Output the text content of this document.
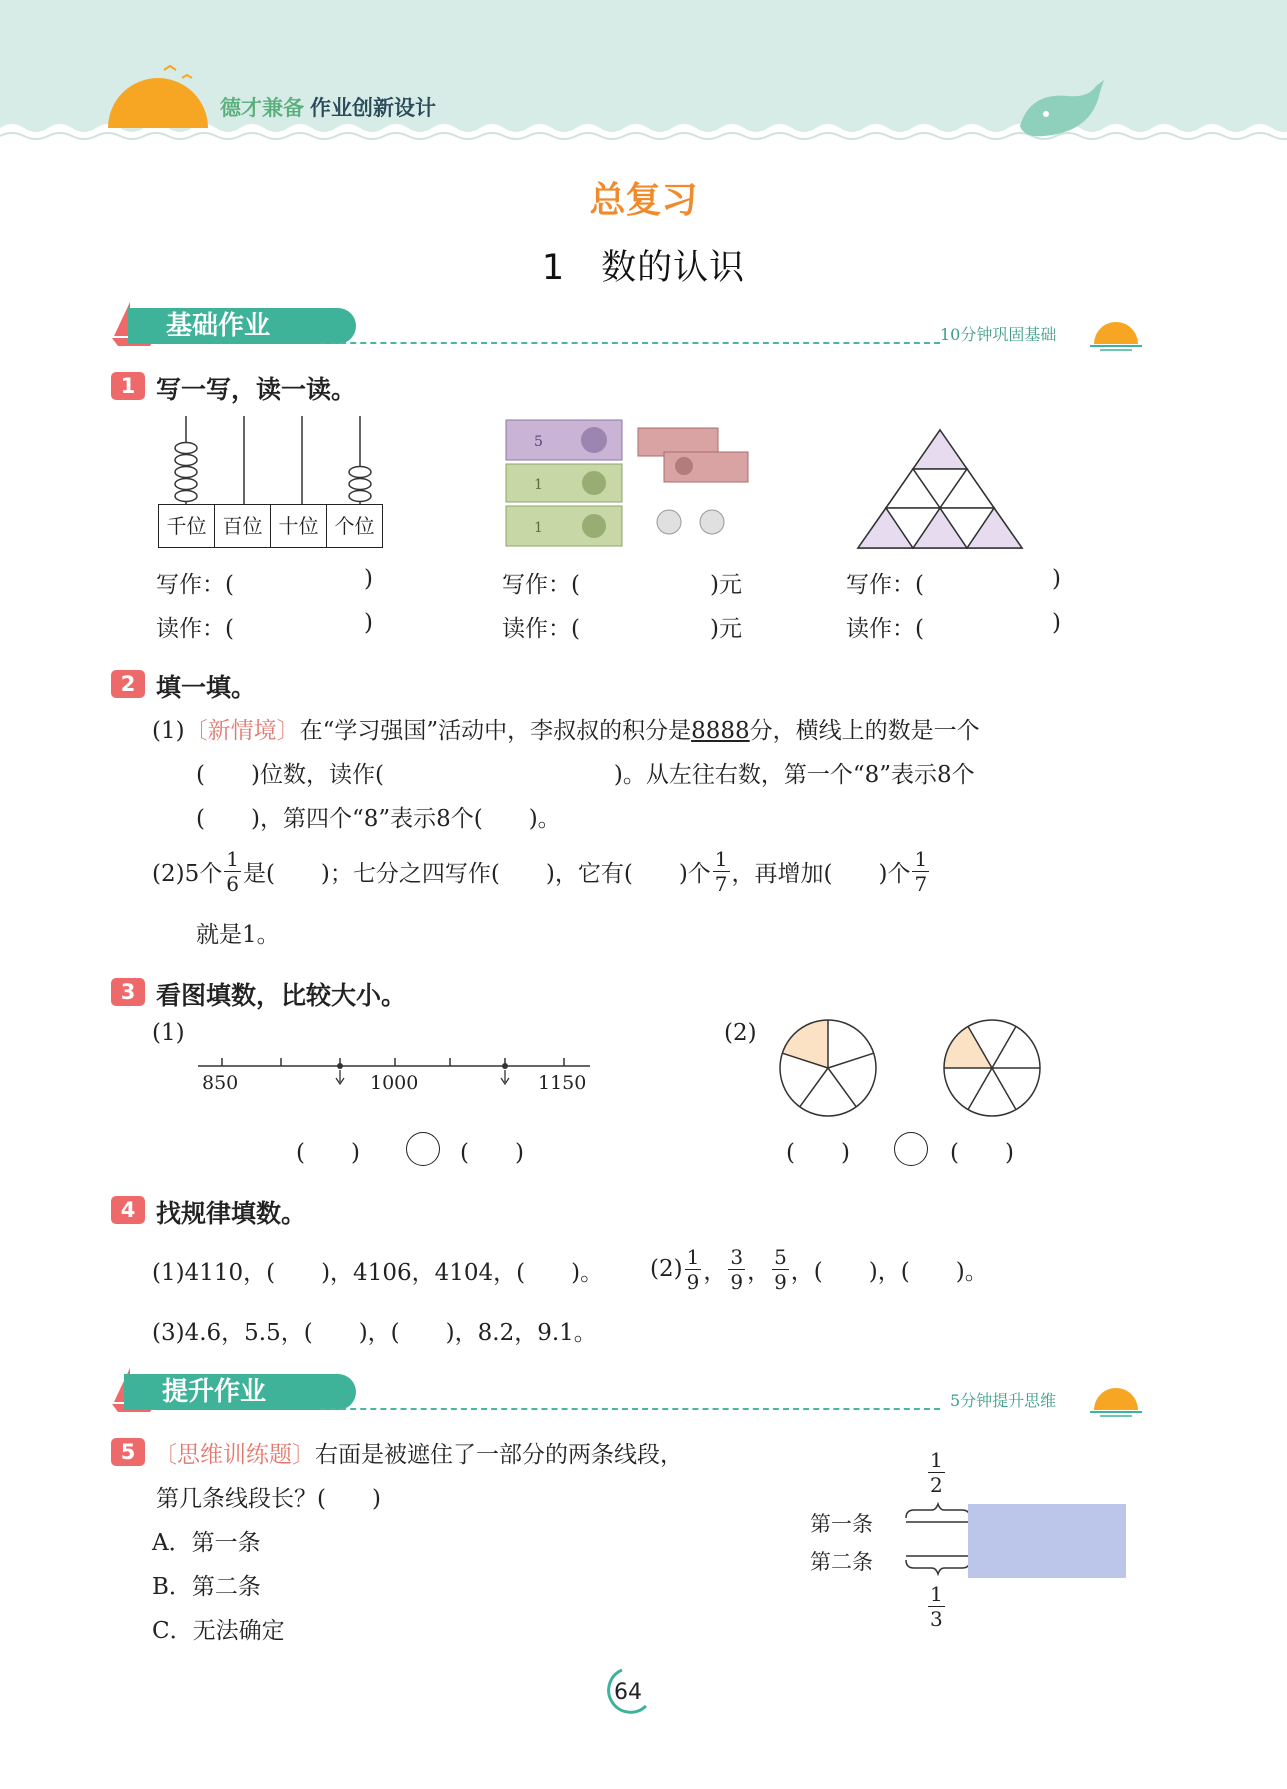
德才兼备 作业创新设计
总复习
1　数的认识
基础作业	10分钟巩固基础
1 写一写，读一读。
千位 百位 十位 个位
5
1
1
写作：(	)
读作：(	)
写作：(	)元
读作：(	)元
写作：(	)
读作：(	)
2 填一填。
(1)〔新情境〕在“学习强国”活动中，李叔叔的积分是8888分，横线上的数是一个
(　　)位数，读作(　　　　　　　　　　)。从左往右数，第一个“8”表示8个
(　　)，第四个“8”表示8个(　　)。
(2)5个 $\frac{1}{6}$ 是(　　)；七分之四写作(　　)，它有(　　)个 $\frac{1}{7}$ ，再增加(　　)个 $\frac{1}{7}$
就是1。
3 看图填数，比较大小。
(1)
850	1000	1150
(　　)	(　　)
(2)
(　　)	(　　)
4 找规律填数。
(1)4110，(　　)，4106，4104，(　　)。 $(2) \frac{1}{9}$ ， $\frac{3}{9}$ ， $\frac{5}{9}$ ，(　　)，(　　)。
(3)4.6，5.5，(　　)，(　　)，8.2，9.1。
提升作业	5分钟提升思维
5 〔思维训练题〕右面是被遮住了一部分的两条线段，
第几条线段长？(　　)
A．第一条
B．第二条
C．无法确定
$\frac{1}{2}$
第一条
第二条
$\frac{1}{3}$
64
